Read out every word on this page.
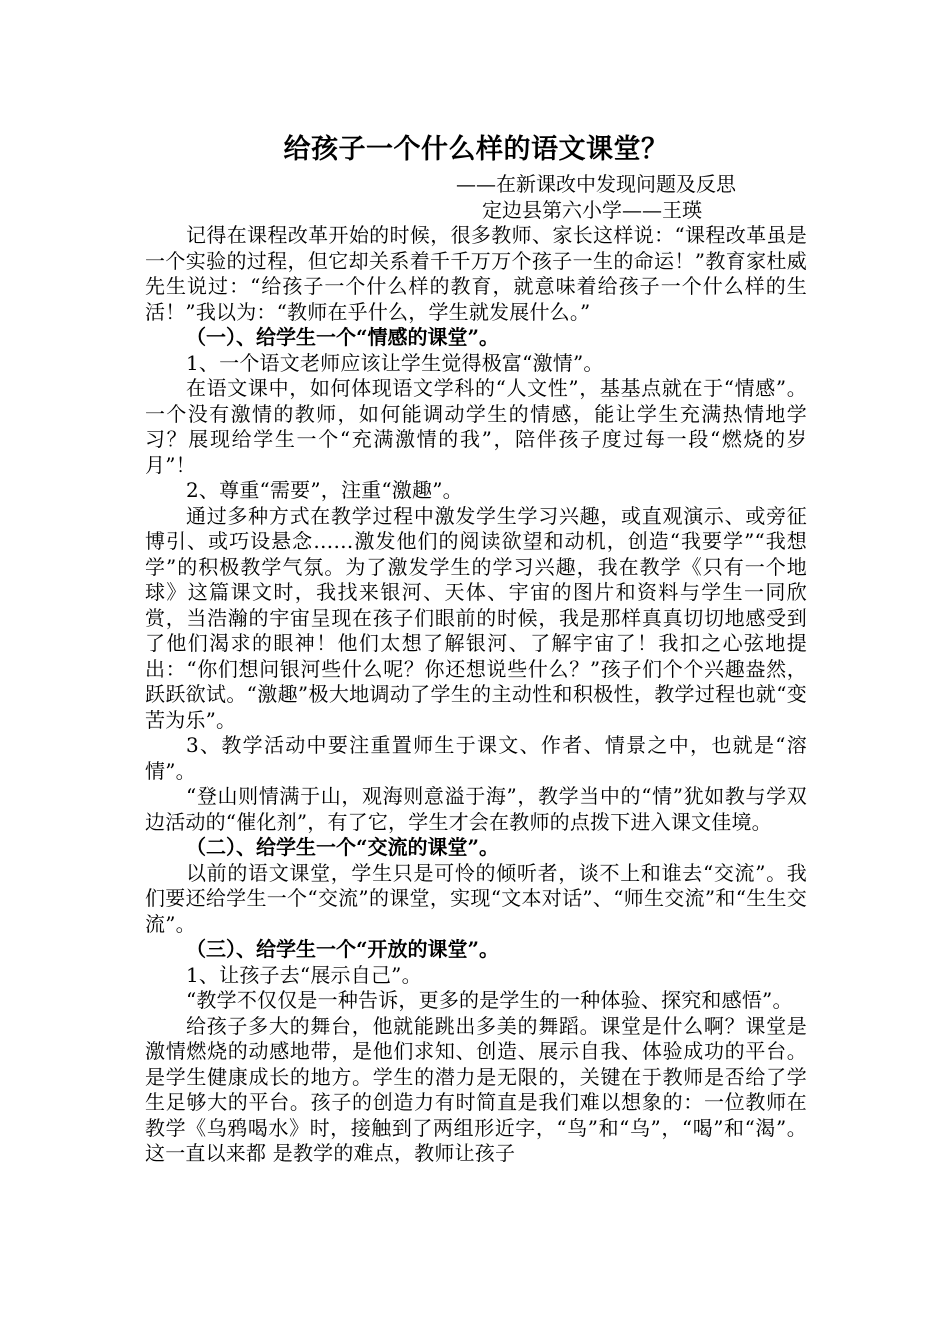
给孩子一个什么样的语文课堂？
——在新课改中发现问题及反思
定边县第六小学——王瑛

记得在课程改革开始的时候，很多教师、家长这样说：“课程改革虽是一个实验的过程，但它却关系着千千万万个孩子一生的命运！”教育家杜威先生说过：“给孩子一个什么样的教育，就意味着给孩子一个什么样的生活！”我以为：“教师在乎什么，学生就发展什么。”

（一）、给学生一个“情感的课堂”。

1、一个语文老师应该让学生觉得极富“激情”。

在语文课中，如何体现语文学科的“人文性”，基基点就在于“情感”。一个没有激情的教师，如何能调动学生的情感，能让学生充满热情地学习？展现给学生一个“充满激情的我”，陪伴孩子度过每一段“燃烧的岁月”！

2、尊重“需要”，注重“激趣”。

通过多种方式在教学过程中激发学生学习兴趣，或直观演示、或旁征博引、或巧设悬念……激发他们的阅读欲望和动机，创造“我要学”“我想学”的积极教学气氛。为了激发学生的学习兴趣，我在教学《只有一个地球》这篇课文时，我找来银河、天体、宇宙的图片和资料与学生一同欣赏，当浩瀚的宇宙呈现在孩子们眼前的时候，我是那样真真切切地感受到了他们渴求的眼神！他们太想了解银河、了解宇宙了！我扣之心弦地提出：“你们想问银河些什么呢？你还想说些什么？”孩子们个个兴趣盎然，跃跃欲试。“激趣”极大地调动了学生的主动性和积极性，教学过程也就“变苦为乐”。

3、教学活动中要注重置师生于课文、作者、情景之中，也就是“溶情”。

“登山则情满于山，观海则意溢于海”，教学当中的“情”犹如教与学双边活动的“催化剂”，有了它，学生才会在教师的点拨下进入课文佳境。

（二）、给学生一个“交流的课堂”。

以前的语文课堂，学生只是可怜的倾听者，谈不上和谁去“交流”。我们要还给学生一个“交流”的课堂，实现“文本对话”、“师生交流”和“生生交流”。

（三）、给学生一个“开放的课堂”。

1、让孩子去“展示自己”。

“教学不仅仅是一种告诉，更多的是学生的一种体验、探究和感悟”。

给孩子多大的舞台，他就能跳出多美的舞蹈。课堂是什么啊？课堂是激情燃烧的动感地带，是他们求知、创造、展示自我、体验成功的平台。是学生健康成长的地方。学生的潜力是无限的，关键在于教师是否给了学生足够大的平台。孩子的创造力有时简直是我们难以想象的：一位教师在教学《乌鸦喝水》时，接触到了两组形近字，“鸟”和“乌”，“喝”和“渴”。这一直以来都 是教学的难点，教师让孩子
